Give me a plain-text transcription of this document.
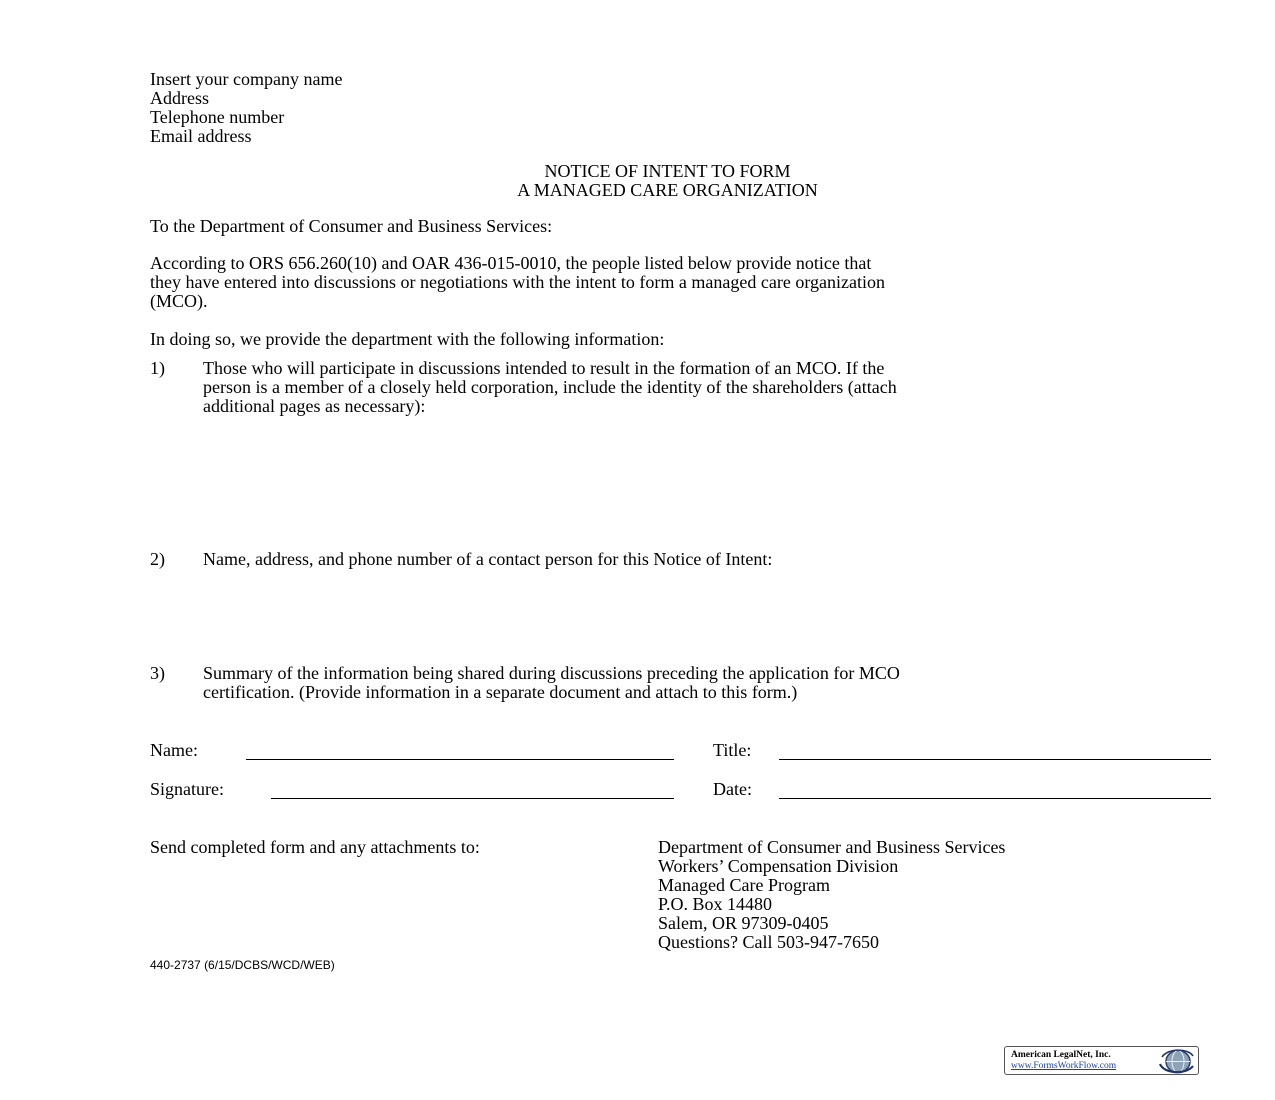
Insert your company name
Address
Telephone number
Email address
NOTICE OF INTENT TO FORM
A MANAGED CARE ORGANIZATION
To the Department of Consumer and Business Services:
According to ORS 656.260(10) and OAR 436-015-0010, the people listed below provide notice that
they have entered into discussions or negotiations with the intent to form a managed care organization
(MCO).
In doing so, we provide the department with the following information:
1) Those who will participate in discussions intended to result in the formation of an MCO. If the
person is a member of a closely held corporation, include the identity of the shareholders (attach
additional pages as necessary):
2) Name, address, and phone number of a contact person for this Notice of Intent:
3) Summary of the information being shared during discussions preceding the application for MCO
certification. (Provide information in a separate document and attach to this form.)
Name:	Title:
Signature:	Date:
Send completed form and any attachments to:	Department of Consumer and Business Services
Workers’ Compensation Division
Managed Care Program
P.O. Box 14480
Salem, OR 97309-0405
Questions? Call 503-947-7650
440-2737 (6/15/DCBS/WCD/WEB)
American LegalNet, Inc.
www.FormsWorkFlow.com
